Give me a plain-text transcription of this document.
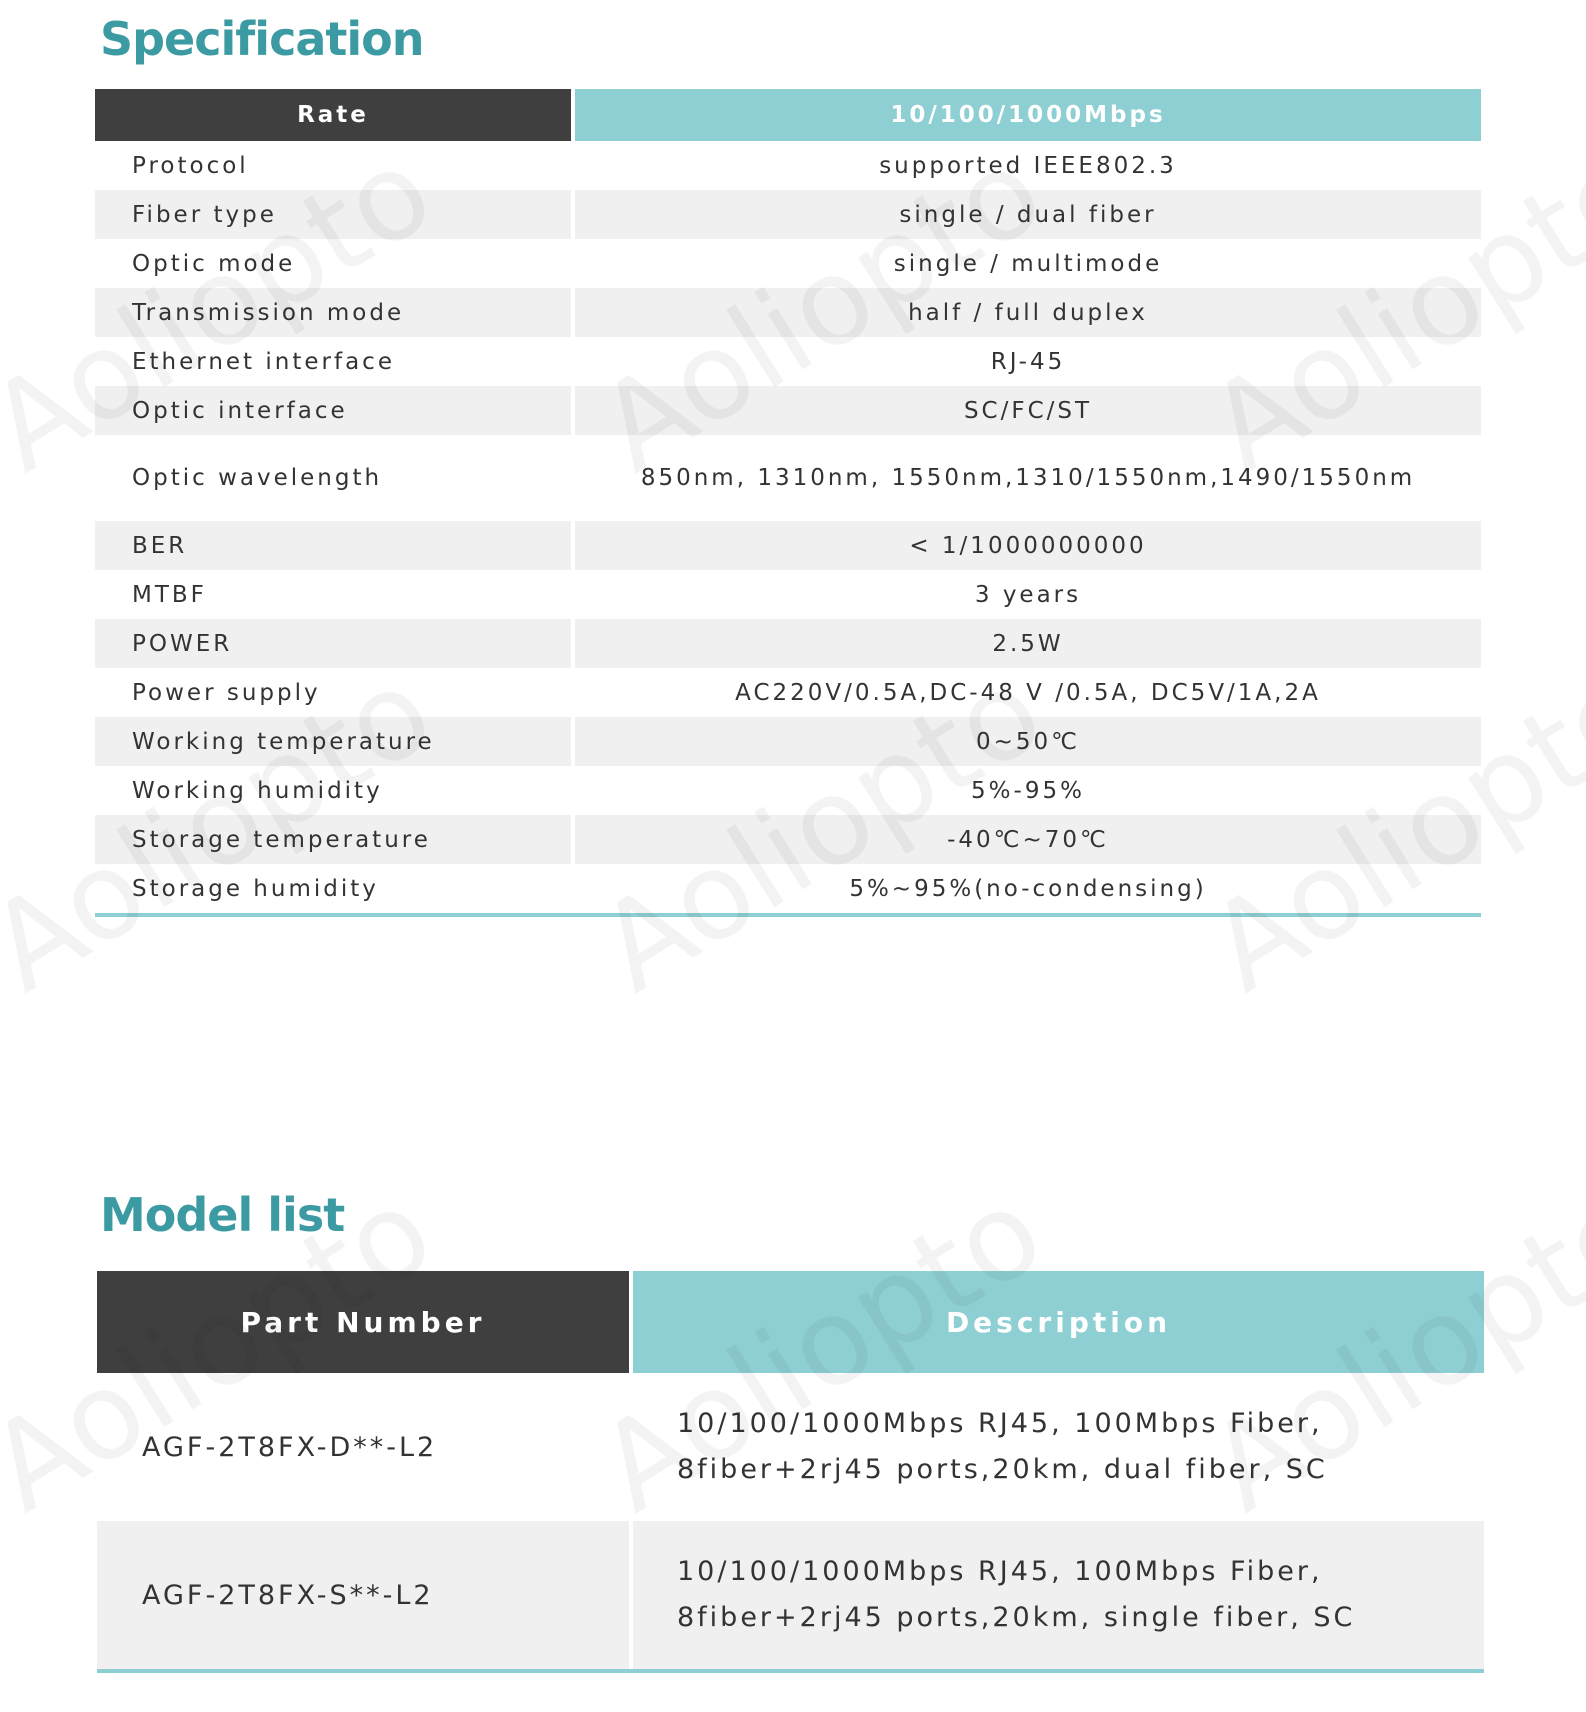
Specification
Rate	10/100/1000Mbps
Protocol	supported IEEE802.3
Fiber type	single / dual fiber
Optic mode	single / multimode
Transmission mode	half / full duplex
Ethernet interface	RJ-45
Optic interface	SC/FC/ST
Optic wavelength	850nm, 1310nm, 1550nm,1310/1550nm,1490/1550nm
BER	< 1/1000000000
MTBF	3 years
POWER	2.5W
Power supply	AC220V/0.5A,DC-48 V /0.5A, DC5V/1A,2A
Working temperature	0~50℃
Working humidity	5%-95%
Storage temperature	-40℃~70℃
Storage humidity	5%~95%(no-condensing)
Model list
Part Number	Description
AGF-2T8FX-D**-L2	10/100/1000Mbps RJ45, 100Mbps Fiber,
8fiber+2rj45 ports,20km, dual fiber, SC

AGF-2T8FX-S**-L2	10/100/1000Mbps RJ45, 100Mbps Fiber,
8fiber+2rj45 ports,20km, single fiber, SC
